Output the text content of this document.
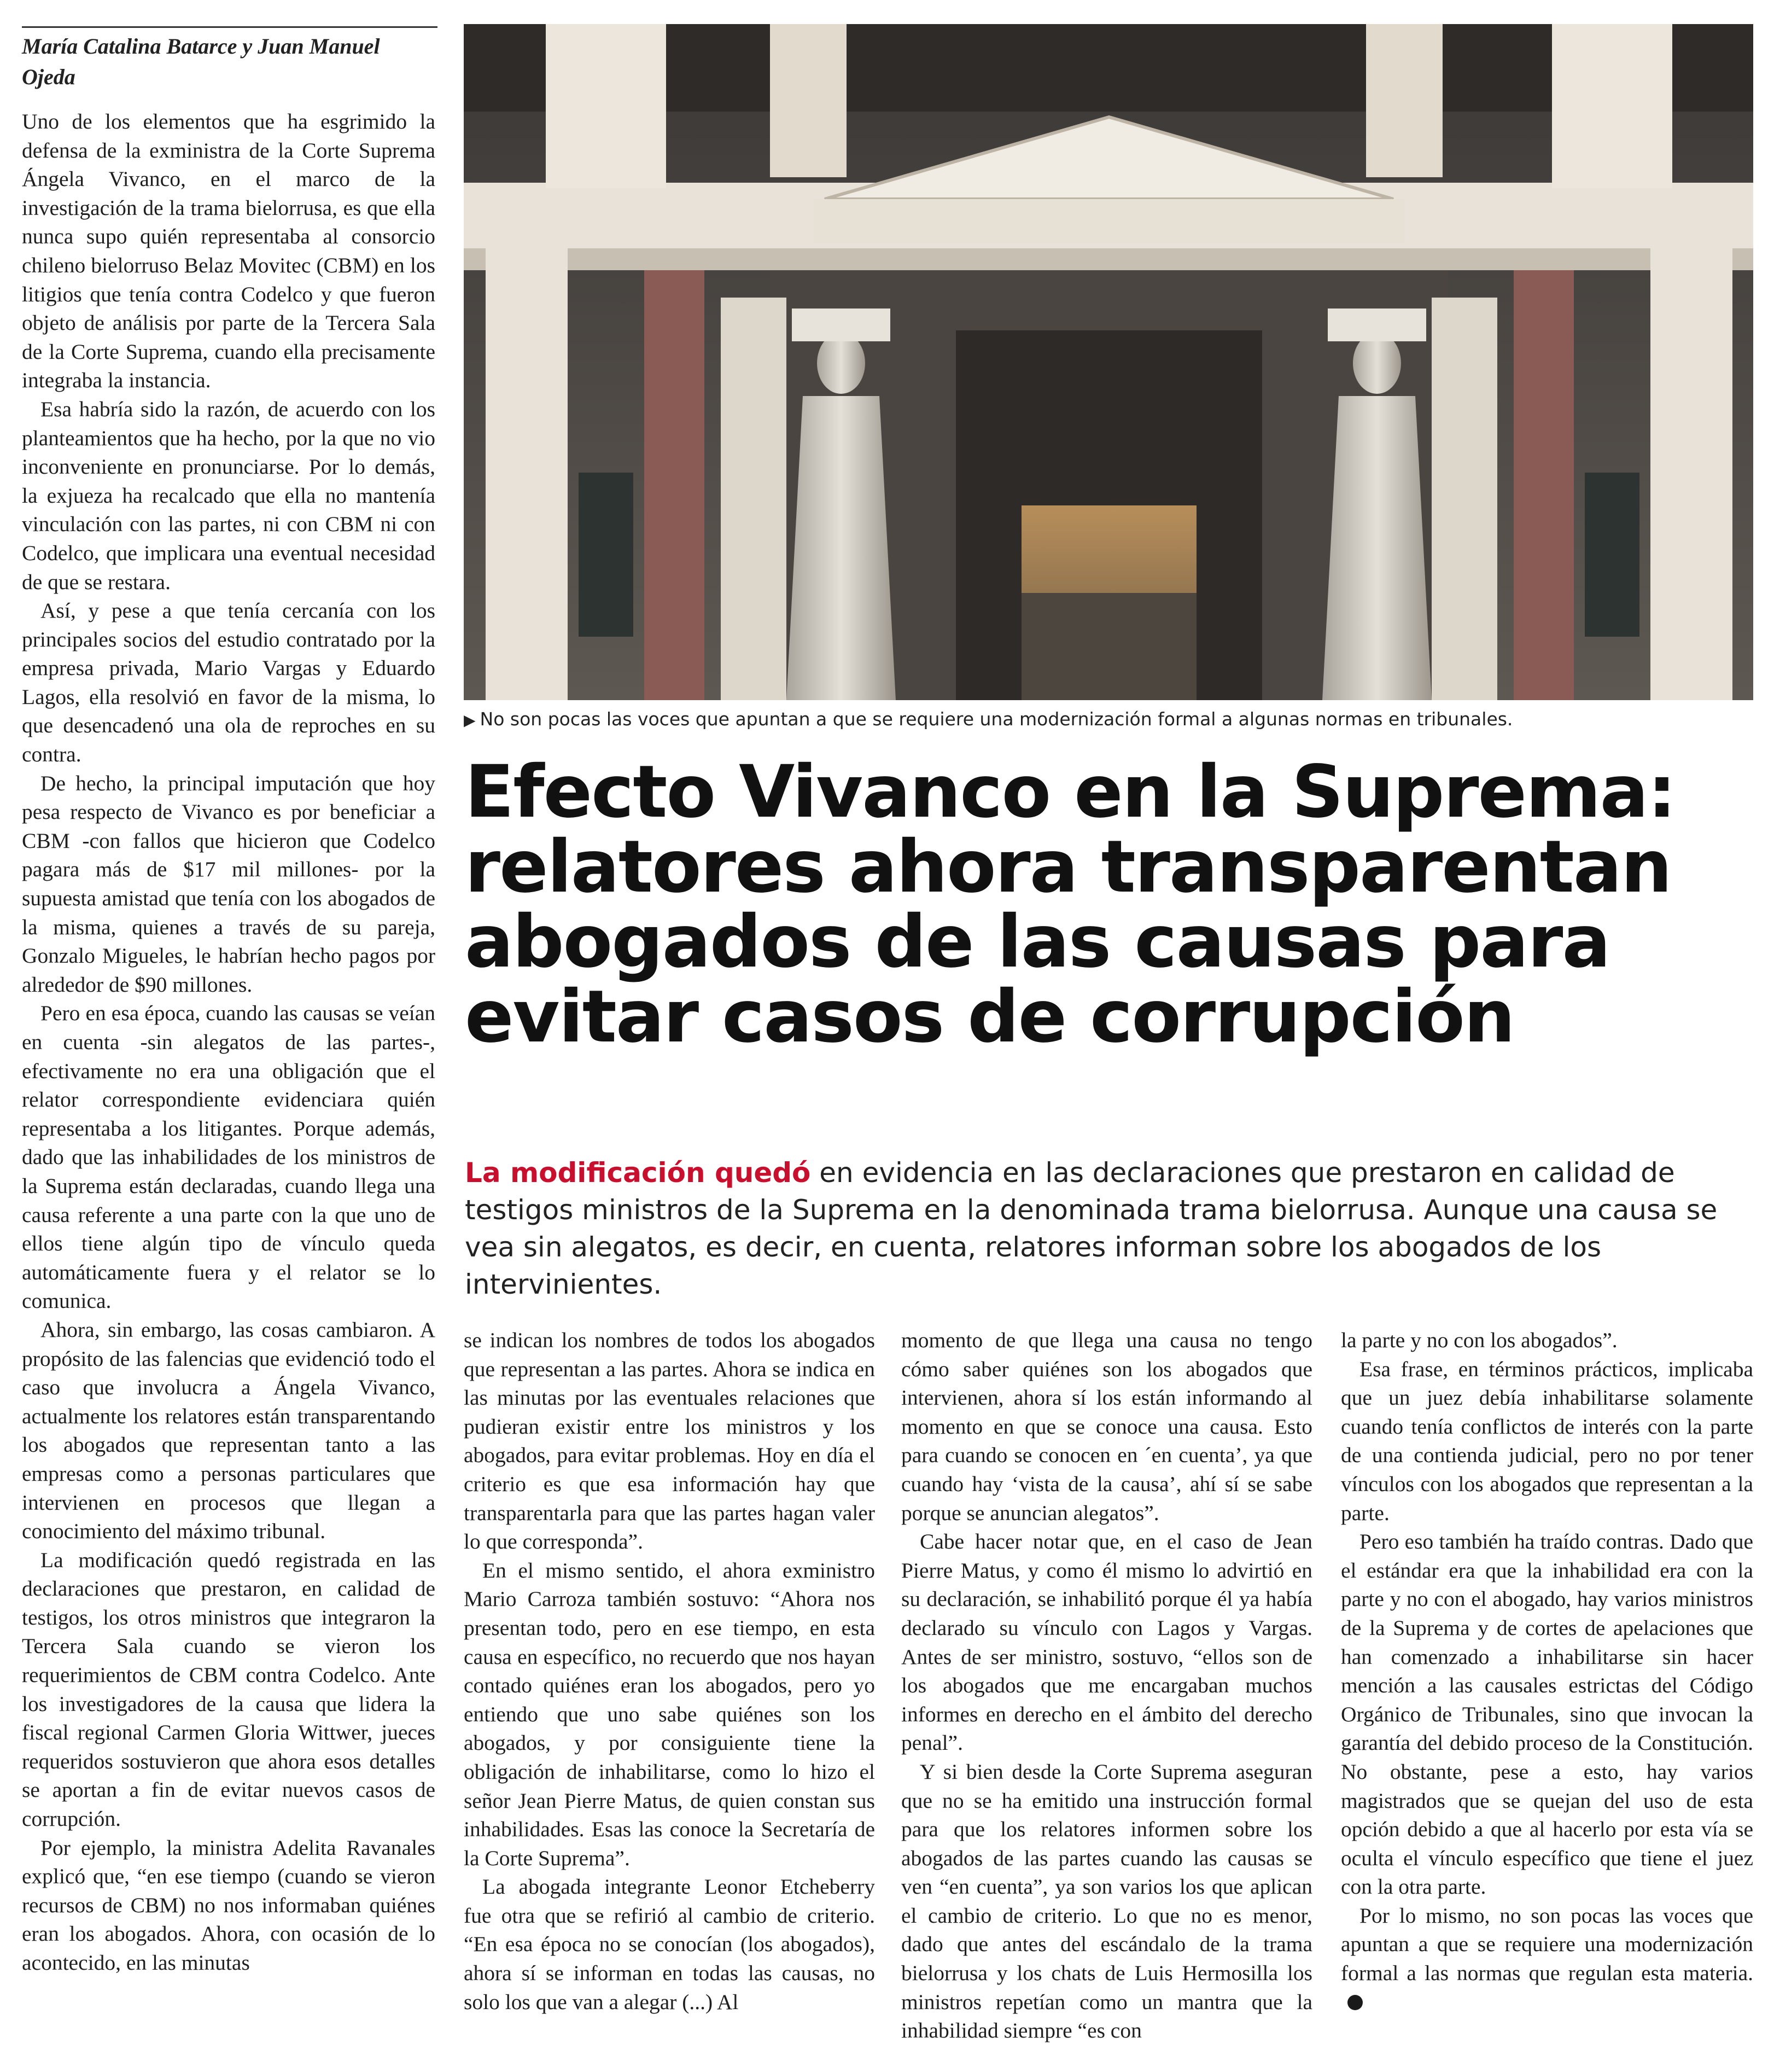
María Catalina Batarce y Juan Manuel Ojeda

Uno de los elementos que ha esgrimido la defensa de la exministra de la Corte Suprema Ángela Vivanco, en el marco de la investigación de la trama bielorrusa, es que ella nunca supo quién representaba al consorcio chileno bielorruso Belaz Movitec (CBM) en los litigios que tenía contra Codelco y que fueron objeto de análisis por parte de la Tercera Sala de la Corte Suprema, cuando ella precisamente integraba la instancia.

Esa habría sido la razón, de acuerdo con los planteamientos que ha hecho, por la que no vio inconveniente en pronunciarse. Por lo demás, la exjueza ha recalcado que ella no mantenía vinculación con las partes, ni con CBM ni con Codelco, que implicara una eventual necesidad de que se restara.

Así, y pese a que tenía cercanía con los principales socios del estudio contratado por la empresa privada, Mario Vargas y Eduardo Lagos, ella resolvió en favor de la misma, lo que desencadenó una ola de reproches en su contra.

De hecho, la principal imputación que hoy pesa respecto de Vivanco es por beneficiar a CBM -con fallos que hicieron que Codelco pagara más de $17 mil millones- por la supuesta amistad que tenía con los abogados de la misma, quienes a través de su pareja, Gonzalo Migueles, le habrían hecho pagos por alrededor de $90 millones.

Pero en esa época, cuando las causas se veían en cuenta -sin alegatos de las partes-, efectivamente no era una obligación que el relator correspondiente evidenciara quién representaba a los litigantes. Porque además, dado que las inhabilidades de los ministros de la Suprema están declaradas, cuando llega una causa referente a una parte con la que uno de ellos tiene algún tipo de vínculo queda automáticamente fuera y el relator se lo comunica.

Ahora, sin embargo, las cosas cambiaron. A propósito de las falencias que evidenció todo el caso que involucra a Ángela Vivanco, actualmente los relatores están transparentando los abogados que representan tanto a las empresas como a personas particulares que intervienen en procesos que llegan a conocimiento del máximo tribunal.

La modificación quedó registrada en las declaraciones que prestaron, en calidad de testigos, los otros ministros que integraron la Tercera Sala cuando se vieron los requerimientos de CBM contra Codelco. Ante los investigadores de la causa que lidera la fiscal regional Carmen Gloria Wittwer, jueces requeridos sostuvieron que ahora esos detalles se aportan a fin de evitar nuevos casos de corrupción.

Por ejemplo, la ministra Adelita Ravanales explicó que, “en ese tiempo (cuando se vieron recursos de CBM) no nos informaban quiénes eran los abogados. Ahora, con ocasión de lo acontecido, en las minutas

▶ No son pocas las voces que apuntan a que se requiere una modernización formal a algunas normas en tribunales.
Efecto Vivanco en la Suprema:
relatores ahora transparentan
abogados de las causas para
evitar casos de corrupción
La modificación quedó en evidencia en las declaraciones que prestaron en calidad de testigos ministros de la Suprema en la denominada trama bielorrusa. Aunque una causa se vea sin alegatos, es decir, en cuenta, relatores informan sobre los abogados de los intervinientes.

se indican los nombres de todos los abogados que representan a las partes. Ahora se indica en las minutas por las eventuales relaciones que pudieran existir entre los ministros y los abogados, para evitar problemas. Hoy en día el criterio es que esa información hay que transparentarla para que las partes hagan valer lo que corresponda”.

En el mismo sentido, el ahora exministro Mario Carroza también sostuvo: “Ahora nos presentan todo, pero en ese tiempo, en esta causa en específico, no recuerdo que nos hayan contado quiénes eran los abogados, pero yo entiendo que uno sabe quiénes son los abogados, y por consiguiente tiene la obligación de inhabilitarse, como lo hizo el señor Jean Pierre Matus, de quien constan sus inhabilidades. Esas las conoce la Secretaría de la Corte Suprema”.

La abogada integrante Leonor Etcheberry fue otra que se refirió al cambio de criterio. “En esa época no se conocían (los abogados), ahora sí se informan en todas las causas, no solo los que van a alegar (...) Al

momento de que llega una causa no tengo cómo saber quiénes son los abogados que intervienen, ahora sí los están informando al momento en que se conoce una causa. Esto para cuando se conocen en ´en cuenta’, ya que cuando hay ‘vista de la causa’, ahí sí se sabe porque se anuncian alegatos”.

Cabe hacer notar que, en el caso de Jean Pierre Matus, y como él mismo lo advirtió en su declaración, se inhabilitó porque él ya había declarado su vínculo con Lagos y Vargas. Antes de ser ministro, sostuvo, “ellos son de los abogados que me encargaban muchos informes en derecho en el ámbito del derecho penal”.

Y si bien desde la Corte Suprema aseguran que no se ha emitido una instrucción formal para que los relatores informen sobre los abogados de las partes cuando las causas se ven “en cuenta”, ya son varios los que aplican el cambio de criterio. Lo que no es menor, dado que antes del escándalo de la trama bielorrusa y los chats de Luis Hermosilla los ministros repetían como un mantra que la inhabilidad siempre “es con

la parte y no con los abogados”.

Esa frase, en términos prácticos, implicaba que un juez debía inhabilitarse solamente cuando tenía conflictos de interés con la parte de una contienda judicial, pero no por tener vínculos con los abogados que representan a la parte.

Pero eso también ha traído contras. Dado que el estándar era que la inhabilidad era con la parte y no con el abogado, hay varios ministros de la Suprema y de cortes de apelaciones que han comenzado a inhabilitarse sin hacer mención a las causales estrictas del Código Orgánico de Tribunales, sino que invocan la garantía del debido proceso de la Constitución. No obstante, pese a esto, hay varios magistrados que se quejan del uso de esta opción debido a que al hacerlo por esta vía se oculta el vínculo específico que tiene el juez con la otra parte.

Por lo mismo, no son pocas las voces que apuntan a que se requiere una modernización formal a las normas que regulan esta materia.
